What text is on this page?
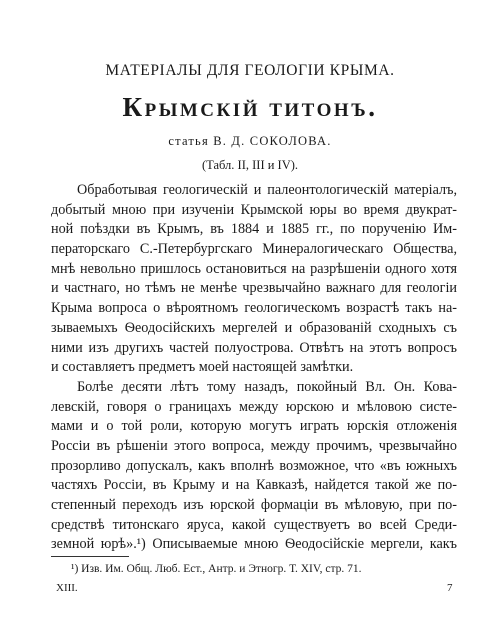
МАТЕРІАЛЫ ДЛЯ ГЕОЛОГІИ КРЫМА.
Крымскій титонъ.
статья В. Д. СОКОЛОВА.
(Табл. II, III и IV).
Обработывая геологическій и палеонтологическій матеріалъ,
добытый мною при изученіи Крымской юры во время двукрат-
ной поѣздки въ Крымъ, въ 1884 и 1885 гг., по порученію Им-
ператорскаго С.-Петербургскаго Минералогическаго Общества,
мнѣ невольно пришлось остановиться на разрѣшеніи одного хотя
и частнаго, но тѣмъ не менѣе чрезвычайно важнаго для геологіи
Крыма вопроса о вѣроятномъ геологическомъ возрастѣ такъ на-
зываемыхъ Ѳеодосійскихъ мергелей и образованій сходныхъ съ
ними изъ другихъ частей полуострова. Отвѣтъ на этотъ вопросъ
и составляетъ предметъ моей настоящей замѣтки.
Болѣе десяти лѣтъ тому назадъ, покойный Вл. Он. Кова-
левскій, говоря о границахъ между юрскою и мѣловою систе-
мами и о той роли, которую могутъ играть юрскія отложенія
Россіи въ рѣшеніи этого вопроса, между прочимъ, чрезвычайно
прозорливо допускалъ, какъ вполнѣ возможное, что «въ южныхъ
частяхъ Россіи, въ Крыму и на Кавказѣ, найдется такой же по-
степенный переходъ изъ юрской формаціи въ мѣловую, при по-
средствѣ титонскаго яруса, какой существуетъ во всей Среди-
земной юрѣ».¹) Описываемые мною Ѳеодосійскіе мергели, какъ
¹) Изв. Им. Общ. Люб. Ест., Антр. и Этногр. Т. XIV, стр. 71.
XIII.	7
